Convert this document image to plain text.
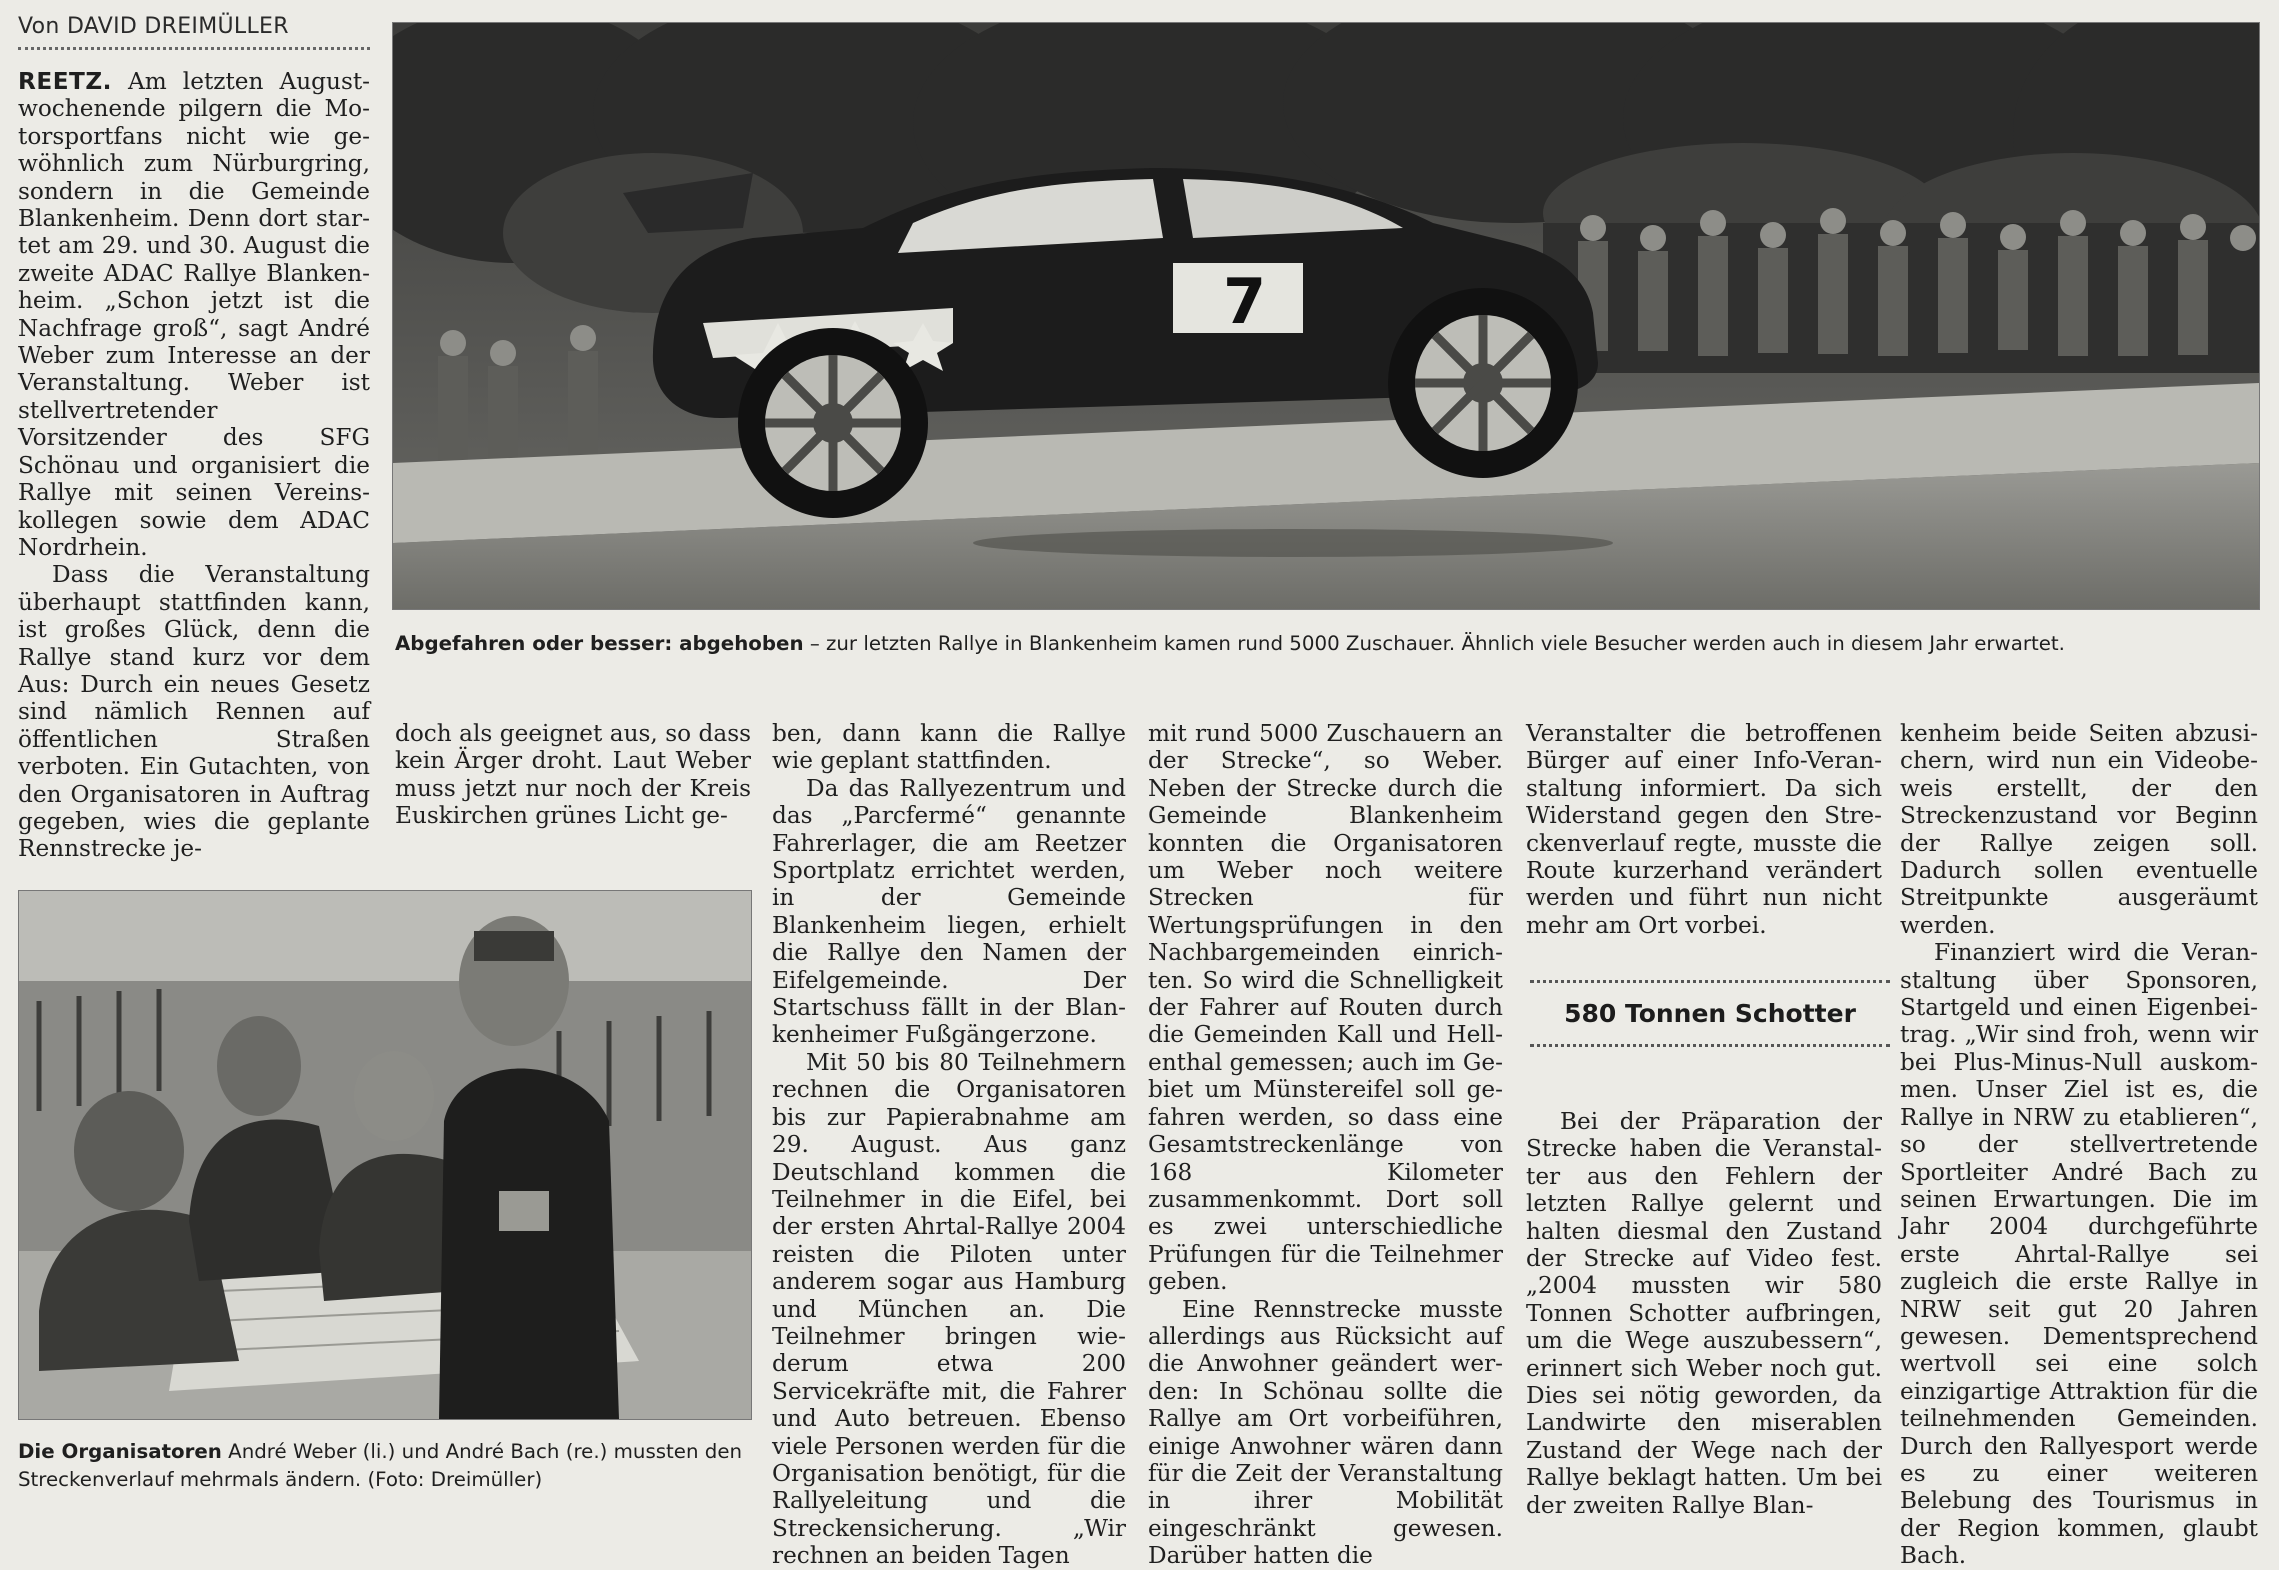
Von DAVID DREIMÜLLER

REETZ. Am letzten Augustwochenende pilgern die Motorsportfans nicht wie gewöhnlich zum Nürburgring, sondern in die Gemeinde Blankenheim. Denn dort startet am 29. und 30. August die zweite ADAC Rallye Blankenheim. „Schon jetzt ist die Nachfrage groß“, sagt André Weber zum Interesse an der Veranstaltung. Weber ist stellvertretender Vorsitzender des SFG Schönau und organisiert die Rallye mit seinen Vereinskollegen sowie dem ADAC Nordrhein.

Dass die Veranstaltung überhaupt stattfinden kann, ist großes Glück, denn die Rallye stand kurz vor dem Aus: Durch ein neues Gesetz sind nämlich Rennen auf öffentlichen Straßen verboten. Ein Gutachten, von den Organisatoren in Auftrag gegeben, wies die geplante Rennstrecke je-

7
Abgefahren oder besser: abgehoben – zur letzten Rallye in Blankenheim kamen rund 5000 Zuschauer. Ähnlich viele Besucher werden auch in diesem Jahr erwartet.

doch als geeignet aus, so dass kein Ärger droht. Laut Weber muss jetzt nur noch der Kreis Euskirchen grünes Licht ge-

Die Organisatoren André Weber (li.) und André Bach (re.) mussten den Streckenverlauf mehrmals ändern. (Foto: Dreimüller)

ben, dann kann die Rallye wie geplant stattfinden.

Da das Rallyezentrum und das „Parcfermé“ genannte Fahrerlager, die am Reetzer Sportplatz errichtet werden, in der Gemeinde Blankenheim liegen, erhielt die Rallye den Namen der Eifelgemeinde. Der Startschuss fällt in der Blankenheimer Fußgängerzone.

Mit 50 bis 80 Teilnehmern rechnen die Organisatoren bis zur Papierabnahme am 29. August. Aus ganz Deutschland kommen die Teilnehmer in die Eifel, bei der ersten Ahrtal-Rallye 2004 reisten die Piloten unter anderem sogar aus Hamburg und München an. Die Teilnehmer bringen wiederum etwa 200 Servicekräfte mit, die Fahrer und Auto betreuen. Ebenso viele Personen werden für die Organisation benötigt, für die Rallyeleitung und die Streckensicherung. „Wir rechnen an beiden Tagen

mit rund 5000 Zuschauern an der Strecke“, so Weber. Neben der Strecke durch die Gemeinde Blankenheim konnten die Organisatoren um Weber noch weitere Strecken für Wertungsprüfungen in den Nachbargemeinden einrichten. So wird die Schnelligkeit der Fahrer auf Routen durch die Gemeinden Kall und Hellenthal gemessen; auch im Gebiet um Münstereifel soll gefahren werden, so dass eine Gesamtstreckenlänge von 168 Kilometer zusammenkommt. Dort soll es zwei unterschiedliche Prüfungen für die Teilnehmer geben.

Eine Rennstrecke musste allerdings aus Rücksicht auf die Anwohner geändert werden: In Schönau sollte die Rallye am Ort vorbeiführen, einige Anwohner wären dann für die Zeit der Veranstaltung in ihrer Mobilität eingeschränkt gewesen. Darüber hatten die

Veranstalter die betroffenen Bürger auf einer Info-Veranstaltung informiert. Da sich Widerstand gegen den Streckenverlauf regte, musste die Route kurzerhand verändert werden und führt nun nicht mehr am Ort vorbei.

580 Tonnen Schotter

Bei der Präparation der Strecke haben die Veranstalter aus den Fehlern der letzten Rallye gelernt und halten diesmal den Zustand der Strecke auf Video fest. „2004 mussten wir 580 Tonnen Schotter aufbringen, um die Wege auszubessern“, erinnert sich Weber noch gut. Dies sei nötig geworden, da Landwirte den miserablen Zustand der Wege nach der Rallye beklagt hatten. Um bei der zweiten Rallye Blan-

kenheim beide Seiten abzusichern, wird nun ein Videobeweis erstellt, der den Streckenzustand vor Beginn der Rallye zeigen soll. Dadurch sollen eventuelle Streitpunkte ausgeräumt werden.

Finanziert wird die Veranstaltung über Sponsoren, Startgeld und einen Eigenbeitrag. „Wir sind froh, wenn wir bei Plus-Minus-Null auskommen. Unser Ziel ist es, die Rallye in NRW zu etablieren“, so der stellvertretende Sportleiter André Bach zu seinen Erwartungen. Die im Jahr 2004 durchgeführte erste Ahrtal-Rallye sei zugleich die erste Rallye in NRW seit gut 20 Jahren gewesen. Dementsprechend wertvoll sei eine solch einzigartige Attraktion für die teilnehmenden Gemeinden. Durch den Rallyesport werde es zu einer weiteren Belebung des Tourismus in der Region kommen, glaubt Bach.
